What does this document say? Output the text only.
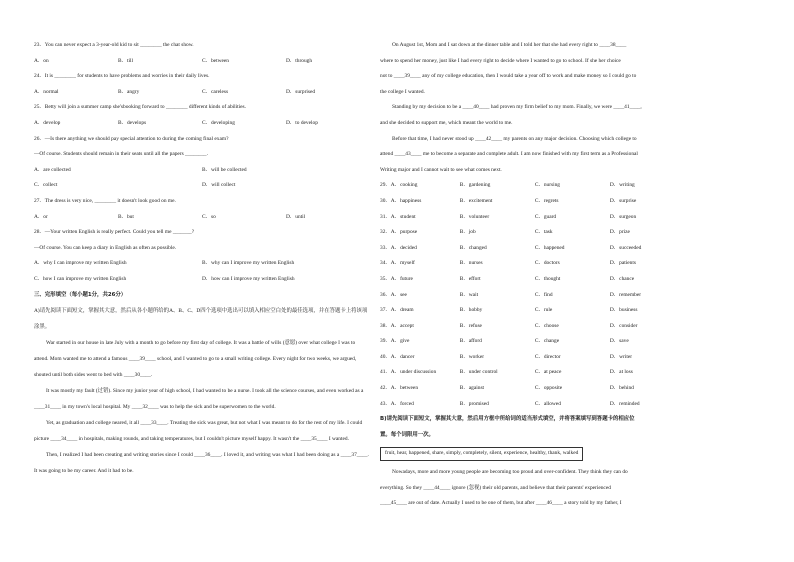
23．You can never expect a 3-year-old kid to sit ________ the chat show.
A．on	B．till	C．between	D．through
24．It is ________ for students to have problems and worries in their daily lives.
A．normal	B．angry	C．careless	D．surprised
25．Betty will join a summer camp she'sbooking forward to ________ different kinds of abilities.
A．develop	B．develops	C．developing	D．to develop
26．—Is there anything we should pay special attention to during the coming final exam?
—Of course. Students should remain in their seats until all the papers ________.
A．are collected	B．will be collected
C．collect	D．will collect
27．The dress is very nice, ________ it doesn't look good on me.
A．or	B．but	C．so	D．until
28．—Your written English is really perfect. Could you tell me _______?
—Of course. You can keep a diary in English as often as possible.
A．why I can improve my written English	B．why can I improve my written English
C．how I can improve my written English	D．how can I improve my written English
三、完形填空（每小题1分，共26分）
A)请先阅读下面短文，掌握其大意，然后从各小题所给的A、B、C、D四个选项中选出可以填入相应空白处的最佳选项，并在答题卡上将该项涂黑。
War started in our house in late July with a month to go before my first day of college. It was a battle of wills (意愿) over what college I was to attend. Mom wanted me to attend a famous ____39____ school, and I wanted to go to a small writing college. Every night for two weeks, we argued, shouted until both sides went to bed with ____30____.
It was mostly my fault (过错). Since my junior year of high school, I had wanted to be a nurse. I took all the science courses, and even worked as a ____31____ in my town's local hospital. My ____32____ was to help the sick and be superwomen to the world.
Yet, as graduation and college neared, it all ____33____. Treating the sick was great, but not what I was meant to do for the rest of my life. I could picture ____34____ in hospitals, making rounds, and taking temperatures, but I couldn't picture myself happy. It wasn't the ____35____ I wanted.
Then, I realized I had been creating and writing stories since I could ____36____. I loved it, and writing was what I had been doing as a ____37____. It was going to be my career. And it had to be.
On August 1st, Mom and I sat down at the dinner table and I told her that she had every right to ____38____
where to spend her money, just like I had every right to decide where I wanted to go to school. If she her choice
not to ____39____ any of my college education, then I would take a year off to work and make money so I could go to
the college I wanted.
Standing by my decision to be a ____40____ had proven my firm belief to my mom. Finally, we were ____41____,
and she decided to support me, which meant the world to me.
Before that time, I had never stood up ____42____ my parents on any major decision. Choosing which college to
attend ____43____ me to become a separate and complete adult. I am now finished with my first term as a Professional
Writing major and I cannot wait to see what comes next.
29．A．cooking	B．gardening	C．nursing	D．writing
30．A．happiness	B．excitement	C．regrets	D．surprise
31．A．student	B．volunteer	C．guard	D．surgeon
32．A．purpose	B．job	C．task	D．prize
33．A．decided	B．changed	C．happened	D．succeeded
34．A．myself	B．nurses	C．doctors	D．patients
35．A．future	B．effort	C．thought	D．chance
36．A．see	B．wait	C．find	D．remember
37．A．dream	B．hobby	C．rule	D．business
38．A．accept	B．refuse	C．choose	D．consider
39．A．give	B．afford	C．change	D．save
40．A．dancer	B．worker	C．director	D．writer
41．A．under discussion	B．under control	C．at peace	D．at loss
42．A．between	B．against	C．opposite	D．behind
43．A．forced	B．promised	C．allowed	D．reminded
B)请先阅读下面短文，掌握其大意，然后用方框中所给词的适当形式填空，并将答案填写到答题卡的相应位
置。每个词限用一次。
fruit, hear, happened, share, simply, completely, silent, experience, healthy, thank, walked
Nowadays, more and more young people are becoming too proud and over-confident. They think they can do
everything. So they ____44____ ignore (忽视) their old parents, and believe that their parents' experienced
____45____ are out of date. Actually I used to be one of them, but after ____46____ a story told by my father, I
